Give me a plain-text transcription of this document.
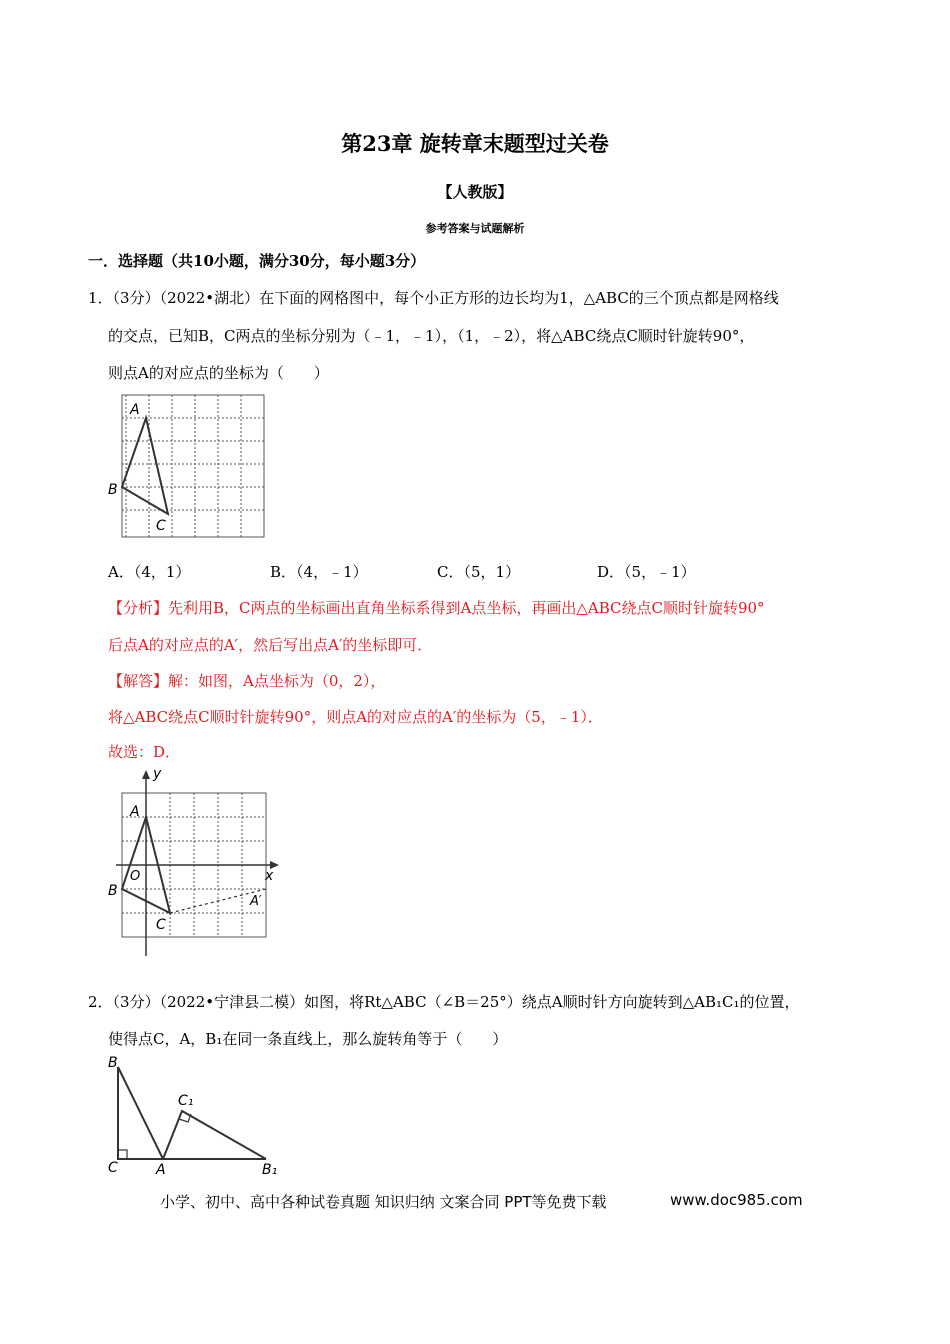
第23章 旋转章末题型过关卷
【人教版】
参考答案与试题解析
一．选择题（共10小题，满分30分，每小题3分）
1．（3分）（2022•湖北）在下面的网格图中，每个小正方形的边长均为1，△ABC的三个顶点都是网格线
的交点，已知B，C两点的坐标分别为（﹣1，﹣1），（1，﹣2），将△ABC绕点C顺时针旋转90°，
则点A的对应点的坐标为（　　）
A
B
C
A．（4，1）	B．（4，﹣1）	C．（5，1）	D．（5，﹣1）
【分析】先利用B，C两点的坐标画出直角坐标系得到A点坐标，再画出△ABC绕点C顺时针旋转90°
后点A的对应点的A′，然后写出点A′的坐标即可．
【解答】解：如图，A点坐标为（0，2），
将△ABC绕点C顺时针旋转90°，则点A的对应点的A′的坐标为（5，﹣1）．
故选：D．
y
x
A
O
B
C
A′
2．（3分）（2022•宁津县二模）如图，将Rt△ABC（∠B＝25°）绕点A顺时针方向旋转到△AB₁C₁的位置，
使得点C，A，B₁在同一条直线上，那么旋转角等于（　　）
B
C	A
C₁
B₁
小学、初中、高中各种试卷真题 知识归纳 文案合同 PPT等免费下载	www.doc985.com
